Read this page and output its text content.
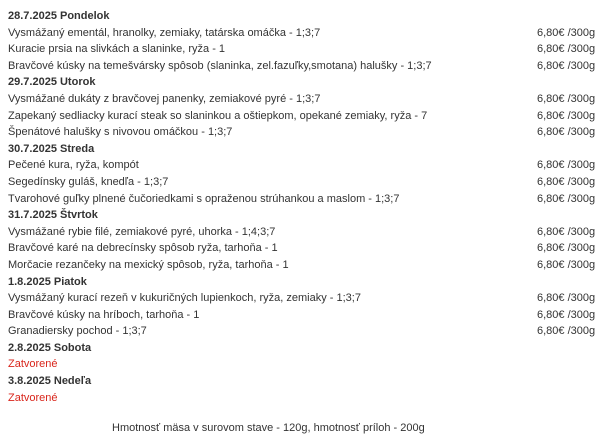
28.7.2025 Pondelok
Vysmážaný ementál, hranolky, zemiaky, tatárska omáčka - 1;3;7	6,80€ /300g
Kuracie prsia na slivkách a slaninke, ryža - 1	6,80€ /300g
Bravčové kúsky na temešvársky spôsob (slaninka, zel.fazuľky,smotana) halušky - 1;3;7	6,80€ /300g
29.7.2025 Utorok
Vysmážané dukáty z bravčovej panenky, zemiakové pyré - 1;3;7	6,80€ /300g
Zapekaný sedliacky kurací steak so slaninkou a oštiepkom, opekané zemiaky, ryža - 7	6,80€ /300g
Špenátové halušky s nivovou omáčkou - 1;3;7	6,80€ /300g
30.7.2025 Streda
Pečené kura, ryža, kompót	6,80€ /300g
Segedínsky guláš, knedľa - 1;3;7	6,80€ /300g
Tvarohové guľky plnené čučoriedkami s opraženou strúhankou a maslom - 1;3;7	6,80€ /300g
31.7.2025 Štvrtok
Vysmážané rybie filé, zemiakové pyré, uhorka - 1;4;3;7	6,80€ /300g
Bravčové karé na debrecínsky spôsob ryža, tarhoňa - 1	6,80€ /300g
Morčacie rezančeky na mexický spôsob, ryža, tarhoňa - 1	6,80€ /300g
1.8.2025 Piatok
Vysmážaný kurací rezeň v kukuričných lupienkoch, ryža, zemiaky - 1;3;7	6,80€ /300g
Bravčové kúsky na hríboch, tarhoňa - 1	6,80€ /300g
Granadiersky pochod - 1;3;7	6,80€ /300g
2.8.2025 Sobota
Zatvorené
3.8.2025 Nedeľa
Zatvorené
Hmotnosť mäsa v surovom stave - 120g, hmotnosť príloh - 200g
